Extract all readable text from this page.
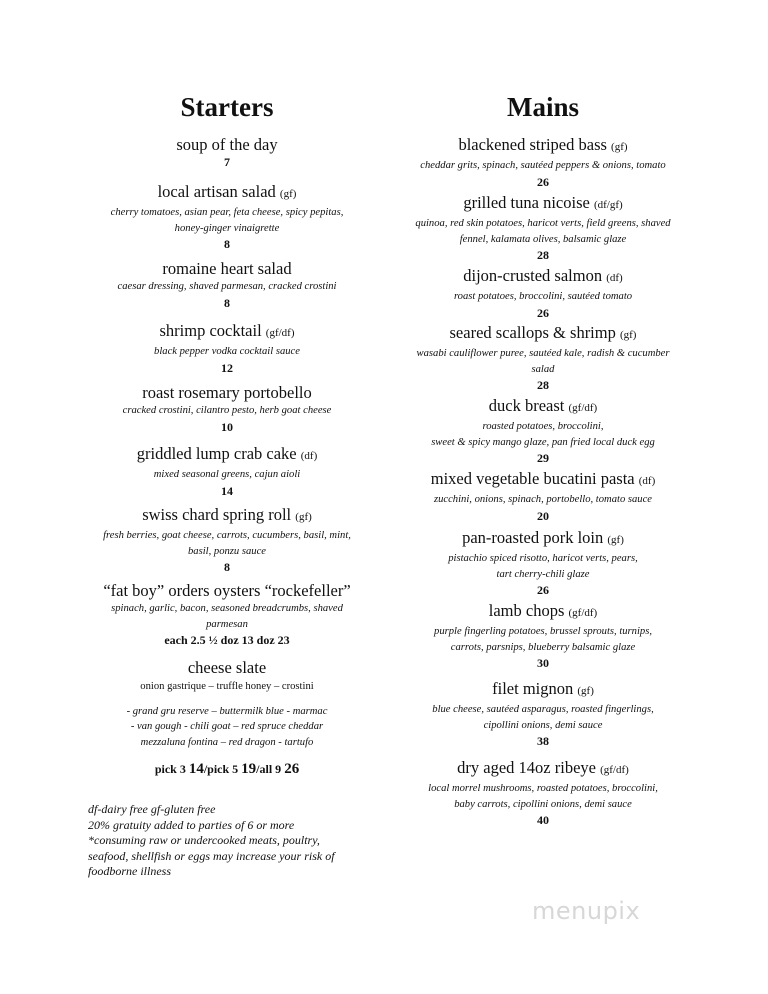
Starters
soup of the day
7
local artisan salad (gf)
cherry tomatoes, asian pear, feta cheese, spicy pepitas,
honey-ginger vinaigrette
8
romaine heart salad
caesar dressing, shaved parmesan, cracked crostini
8
shrimp cocktail (gf/df)
black pepper vodka cocktail sauce
12
roast rosemary portobello
cracked crostini, cilantro pesto, herb goat cheese
10
griddled lump crab cake (df)
mixed seasonal greens, cajun aioli
14
swiss chard spring roll (gf)
fresh berries, goat cheese, carrots, cucumbers, basil, mint,
basil, ponzu sauce
8
“fat boy” orders oysters “rockefeller”
spinach, garlic, bacon, seasoned breadcrumbs, shaved
parmesan
each 2.5 ½ doz 13 doz 23
cheese slate
onion gastrique – truffle honey – crostini
- grand gru reserve – buttermilk blue - marmac
- van gough - chili goat – red spruce cheddar
mezzaluna fontina – red dragon - tartufo
pick 3 14/pick 5 19/all 9 26
Mains
blackened striped bass (gf)
cheddar grits, spinach, sautéed peppers & onions, tomato
26
grilled tuna nicoise (df/gf)
quinoa, red skin potatoes, haricot verts, field greens, shaved
fennel, kalamata olives, balsamic glaze
28
dijon-crusted salmon (df)
roast potatoes, broccolini, sautéed tomato
26
seared scallops & shrimp (gf)
wasabi cauliflower puree, sautéed kale, radish & cucumber
salad
28
duck breast (gf/df)
roasted potatoes, broccolini,
sweet & spicy mango glaze, pan fried local duck egg
29
mixed vegetable bucatini pasta (df)
zucchini, onions, spinach, portobello, tomato sauce
20
pan-roasted pork loin (gf)
pistachio spiced risotto, haricot verts, pears,
tart cherry-chili glaze
26
lamb chops (gf/df)
purple fingerling potatoes, brussel sprouts, turnips,
carrots, parsnips, blueberry balsamic glaze
30
filet mignon (gf)
blue cheese, sautéed asparagus, roasted fingerlings,
cipollini onions, demi sauce
38
dry aged 14oz ribeye (gf/df)
local morrel mushrooms, roasted potatoes, broccolini,
baby carrots, cipollini onions, demi sauce
40
df-dairy free gf-gluten free
20% gratuity added to parties of 6 or more
*consuming raw or undercooked meats, poultry,
seafood, shellfish or eggs may increase your risk of
foodborne illness
menupix
